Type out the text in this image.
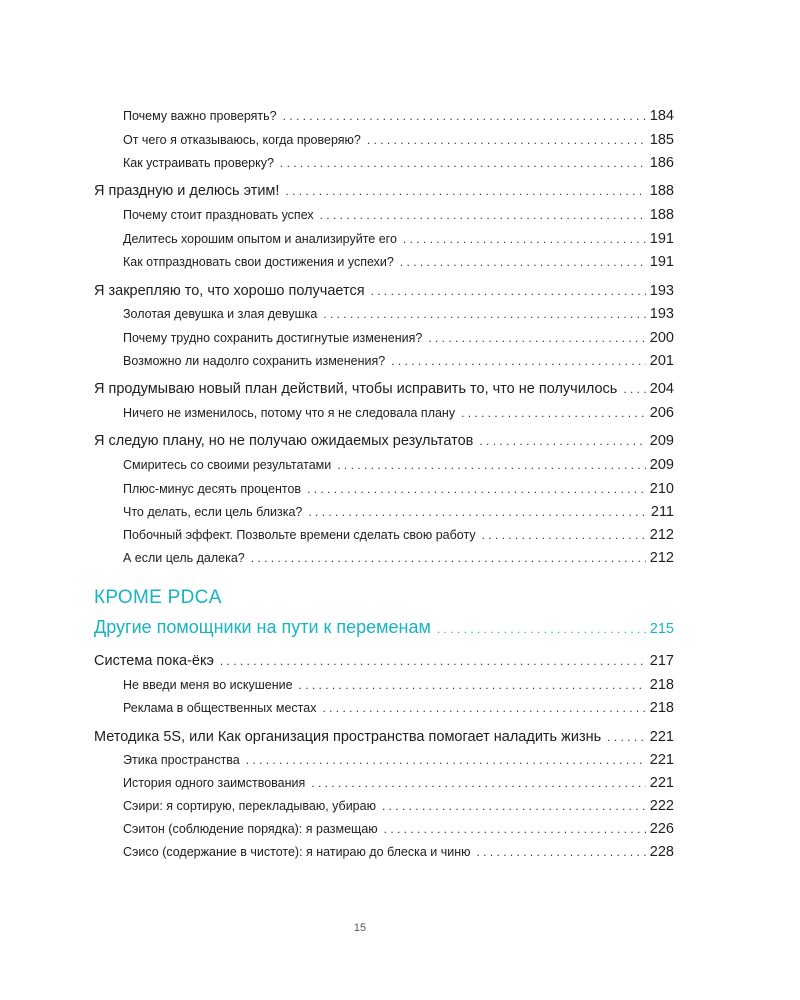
Почему важно проверять? . . .	184
От чего я отказываюсь, когда проверяю? . . .	185
Как устраивать проверку? . . .	186
Я праздную и делюсь этим! . . .	188
Почему стоит праздновать успех . . .	188
Делитесь хорошим опытом и анализируйте его . . .	191
Как отпраздновать свои достижения и успехи? . . .	191
Я закрепляю то, что хорошо получается . . .	193
Золотая девушка и злая девушка . . .	193
Почему трудно сохранить достигнутые изменения? . . .	200
Возможно ли надолго сохранить изменения? . . .	201
Я продумываю новый план действий, чтобы исправить то, что не получилось . . . 204
Ничего не изменилось, потому что я не следовала плану . . .	206
Я следую плану, но не получаю ожидаемых результатов . . .	209
Смиритесь со своими результатами . . .	209
Плюс-минус десять процентов . . .	210
Что делать, если цель близка? . . .	211
Побочный эффект. Позвольте времени сделать свою работу . . .	212
А если цель далека? . . .	212
КРОМЕ PDCA
Другие помощники на пути к переменам . . .	215
Система пока-ёкэ . . .	217
Не введи меня во искушение . . .	218
Реклама в общественных местах . . .	218
Методика 5S, или Как организация пространства помогает наладить жизнь . . .	221
Этика пространства . . .	221
История одного заимствования . . .	221
Сэири: я сортирую, перекладываю, убираю . . .	222
Сэитон (соблюдение порядка): я размещаю . . .	226
Сэисо (содержание в чистоте): я натираю до блеска и чиню . . .	228
15
